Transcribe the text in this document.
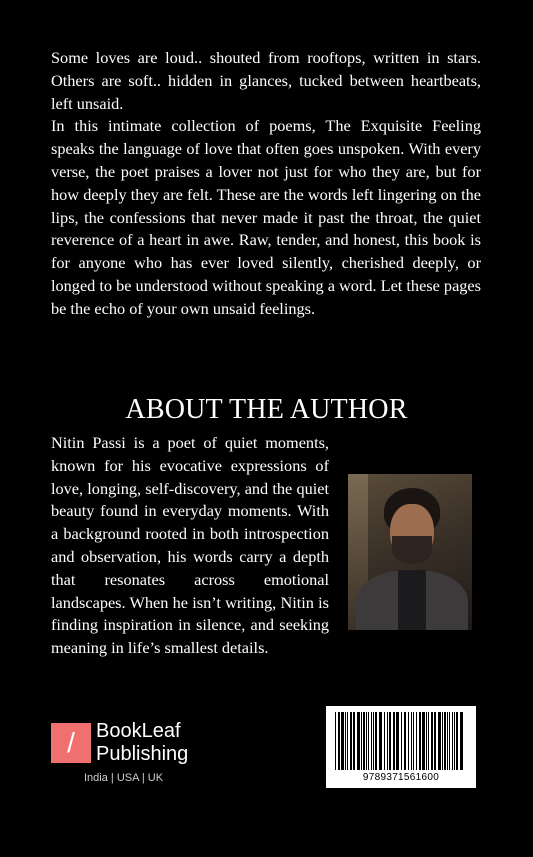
Some loves are loud.. shouted from rooftops, written in stars. Others are soft.. hidden in glances, tucked between heartbeats, left unsaid.

In this intimate collection of poems, The Exquisite Feeling speaks the language of love that often goes unspoken. With every verse, the poet praises a lover not just for who they are, but for how deeply they are felt. These are the words left lingering on the lips, the confessions that never made it past the throat, the quiet reverence of a heart in awe. Raw, tender, and honest, this book is for anyone who has ever loved silently, cherished deeply, or longed to be understood without speaking a word. Let these pages be the echo of your own unsaid feelings.

ABOUT THE AUTHOR
Nitin Passi is a poet of quiet moments, known for his evocative expressions of love, longing, self-discovery, and the quiet beauty found in everyday moments. With a background rooted in both introspection and observation, his words carry a depth that resonates across emotional landscapes. When he isn’t writing, Nitin is finding inspiration in silence, and seeking meaning in life’s smallest details.
/	BookLeaf
Publishing
India | USA | UK	9789371561600
